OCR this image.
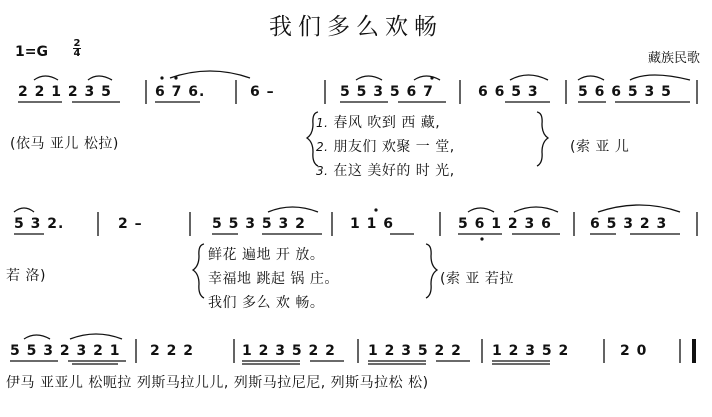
我们多么欢畅
1=G
2
4	藏族民歌
2 2 1 2 3 5	6 7 6.	6 –	5 5 3 5 6 7	6 6 5 3	5 6 6 5 3 5
(依马 亚儿 松拉)
1. 春风 吹到 西 藏,
2. 朋友们 欢聚 一 堂,
3. 在这 美好的 时 光,
(索 亚 儿
5 3 2.	2 –	5 5 3 5 3 2	1 1 6	5 6 1 2 3 6	6 5 3 2 3
若 洛)
鲜花 遍地 开 放。
幸福地 跳起 锅 庄。
我们 多么 欢 畅。
(索 亚 若拉
5 5 3 2 3 2 1 2 2 2	1 2 3 5 2 2 1 2 3 5 2 2 1 2 3 5 2	2 0
伊马 亚亚儿 松呃拉 列斯马拉儿儿, 列斯马拉尼尼, 列斯马拉松 松)
